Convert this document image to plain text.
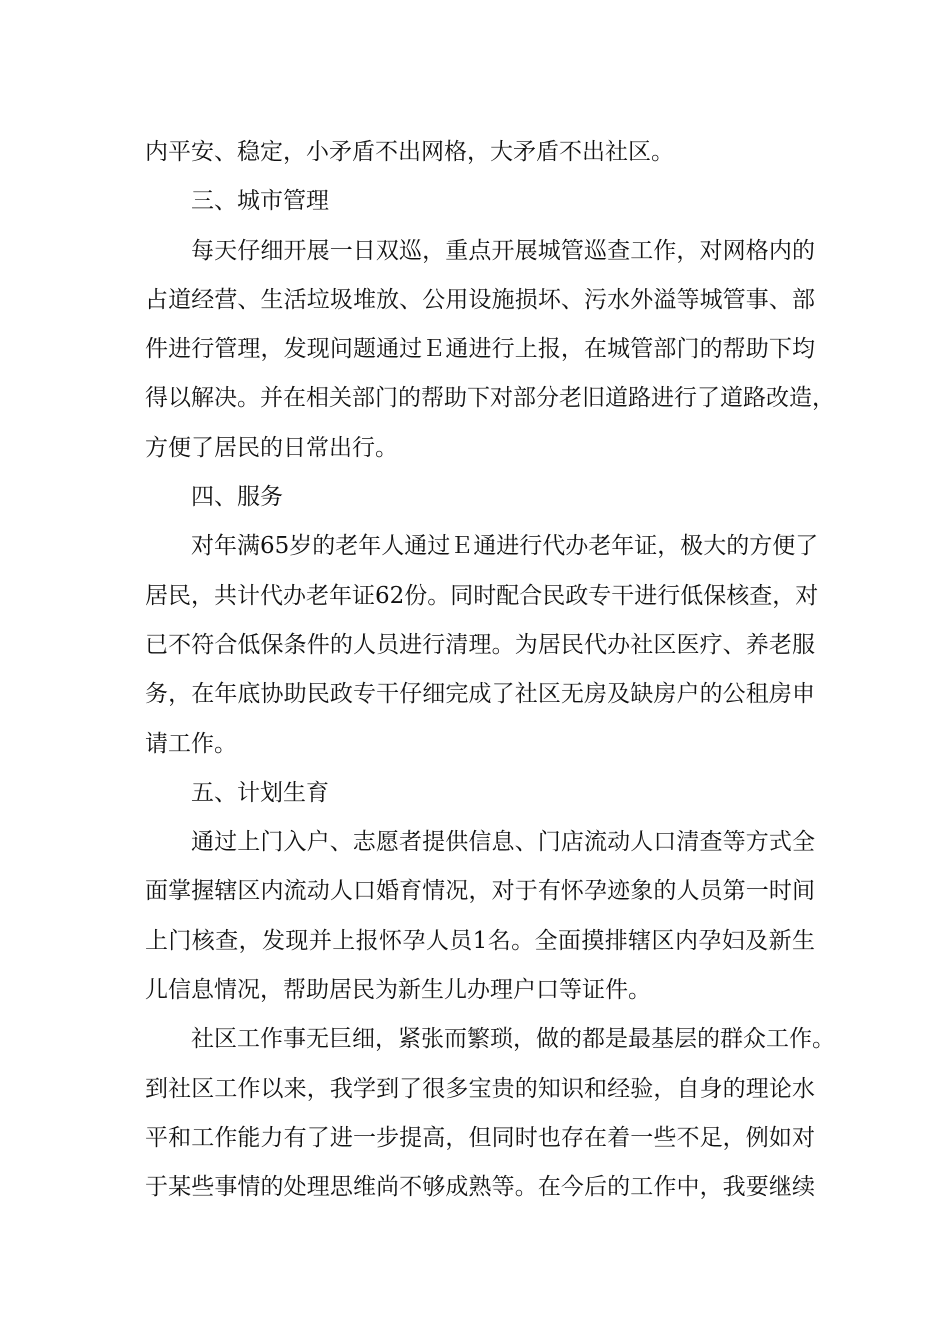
内平安、稳定，小矛盾不出网格，大矛盾不出社区。

三、城市管理

每天仔细开展一日双巡，重点开展城管巡查工作，对网格内的

占道经营、生活垃圾堆放、公用设施损坏、污水外溢等城管事、部

件进行管理，发现问题通过Ｅ通进行上报，在城管部门的帮助下均

得以解决。并在相关部门的帮助下对部分老旧道路进行了道路改造，

方便了居民的日常出行。

四、服务

对年满65岁的老年人通过Ｅ通进行代办老年证，极大的方便了

居民，共计代办老年证62份。同时配合民政专干进行低保核查，对

已不符合低保条件的人员进行清理。为居民代办社区医疗、养老服

务，在年底协助民政专干仔细完成了社区无房及缺房户的公租房申

请工作。

五、计划生育

通过上门入户、志愿者提供信息、门店流动人口清查等方式全

面掌握辖区内流动人口婚育情况，对于有怀孕迹象的人员第一时间

上门核查，发现并上报怀孕人员1名。全面摸排辖区内孕妇及新生

儿信息情况，帮助居民为新生儿办理户口等证件。

社区工作事无巨细，紧张而繁琐，做的都是最基层的群众工作。

到社区工作以来，我学到了很多宝贵的知识和经验，自身的理论水

平和工作能力有了进一步提高，但同时也存在着一些不足，例如对

于某些事情的处理思维尚不够成熟等。在今后的工作中，我要继续
